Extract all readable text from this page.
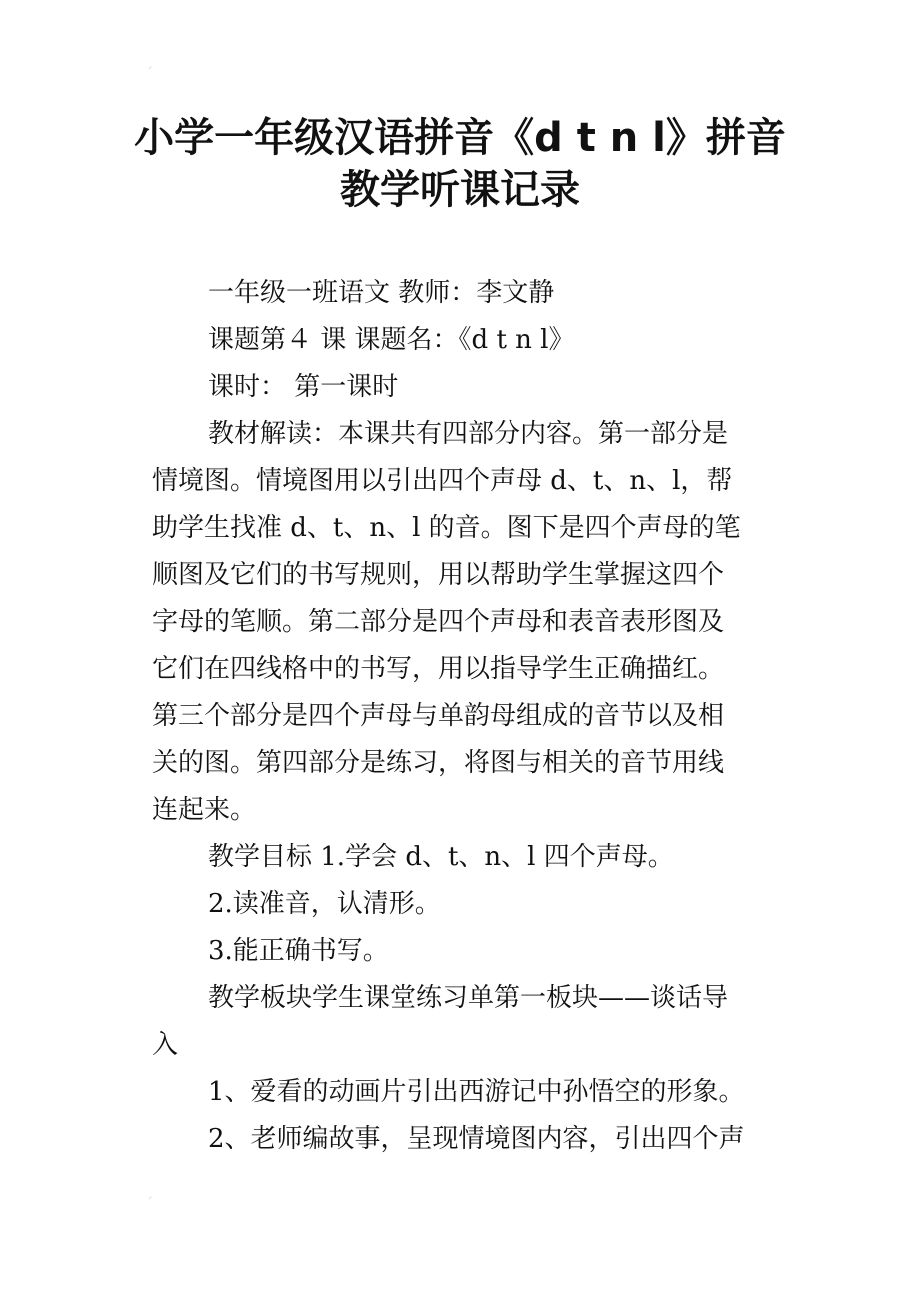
⸍
⸍
小学一年级汉语拼音《d t n l》拼音
教学听课记录

一年级一班语文 教师：李文静

课题第４ 课 课题名：《d t n l》

课时： 第一课时

教材解读：本课共有四部分内容。第一部分是

情境图。情境图用以引出四个声母 d、t、n、l，帮

助学生找准 d、t、n、l 的音。图下是四个声母的笔

顺图及它们的书写规则，用以帮助学生掌握这四个

字母的笔顺。第二部分是四个声母和表音表形图及

它们在四线格中的书写，用以指导学生正确描红。

第三个部分是四个声母与单韵母组成的音节以及相

关的图。第四部分是练习，将图与相关的音节用线

连起来。

教学目标 1.学会 d、t、n、l 四个声母。

2.读准音，认清形。

3.能正确书写。

教学板块学生课堂练习单第一板块——谈话导

入

1、爱看的动画片引出西游记中孙悟空的形象。

2、老师编故事，呈现情境图内容，引出四个声
